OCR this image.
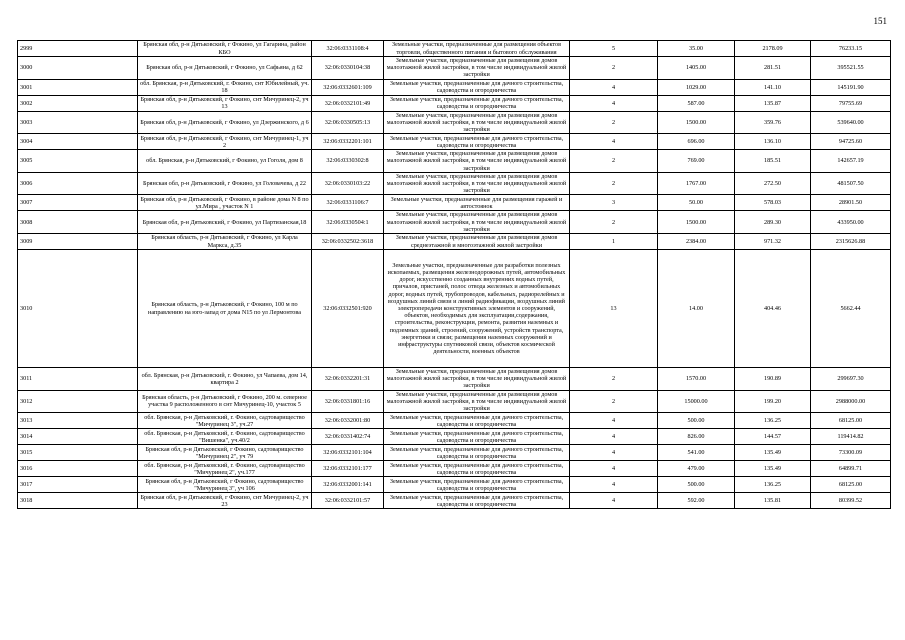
151
2999	Брянская обл, р-н Дятьковский, г Фокино, ул Гагарина, район КБО	32:06:0331108:4	Земельные участки, предназначенные для размещения объектов торговли, общественного питания и бытового обслуживания	5	35.00	2178.09	76233.15
3000	Брянская обл, р-н Дятьковский, г Фокино, ул Сафьяна, д 62	32:06:0330104:38	Земельные участки, предназначенные для размещения домов малоэтажной жилой застройки, в том числе индивидуальной жилой застройки	2	1405.00	281.51	395521.55
3001	обл. Брянская, р-н Дятьковский, г. Фокино, снт Юбилейный, уч. 18	32:06:0332601:109	Земельные участки, предназначенные для дачного строительства, садоводства и огородничества	4	1029.00	141.10	145191.90
3002	Брянская обл, р-н Дятьковский, г Фокино, снт Мичуринец-2, уч 13	32:06:0332101:49	Земельные участки, предназначенные для дачного строительства, садоводства и огородничества	4	587.00	135.87	79755.69
3003	Брянская обл, р-н Дятьковский, г Фокино, ул Дзержинского, д 6	32:06:0330505:13	Земельные участки, предназначенные для размещения домов малоэтажной жилой застройки, в том числе индивидуальной жилой застройки	2	1500.00	359.76	539640.00
3004	Брянская обл, р-н Дятьковский, г Фокино, снт Мичуринец-1, уч 2	32:06:0332201:101	Земельные участки, предназначенные для дачного строительства, садоводства и огородничества	4	696.00	136.10	94725.60
3005	обл. Брянская, р-н Дятьковский, г Фокино, ул Гоголя, дом 8	32:06:0330302:8	Земельные участки, предназначенные для размещения домов малоэтажной жилой застройки, в том числе индивидуальной жилой застройки	2	769.00	185.51	142657.19
3006	Брянская обл, р-н Дятьковский, г Фокино, ул Головачева, д 22	32:06:0330103:22	Земельные участки, предназначенные для размещения домов малоэтажной жилой застройки, в том числе индивидуальной жилой застройки	2	1767.00	272.50	481507.50
3007	Брянская обл, р-н Дятьковский, г Фокино, в районе дома N 8 по ул.Мира , участок N 1	32:06:0331106:7	Земельные участки, предназначенные для размещения гаражей и автостоянок	3	50.00	578.03	28901.50
3008	Брянская обл, р-н Дятьковский, г Фокино, ул Партизанская,18	32:06:0330504:1	Земельные участки, предназначенные для размещения домов малоэтажной жилой застройки, в том числе индивидуальной жилой застройки	2	1500.00	289.30	433950.00
3009	Брянская область, р-н Дятьковский, г Фокино, ул Карла Маркса, д.35	32:06:0332502:3618	Земельные участки, предназначенные для размещения домов среднеэтажной и многоэтажной жилой застройки	1	2384.00	971.32	2315626.88
3010	Брянская область, р-н Дятьковский, г Фокино, 100 м по направлению на юго-запад от дома N15 по ул Лермонтова	32:06:0332501:920	Земельные участки, предназначенные для разработки полезных ископаемых, размещения железнодорожных путей, автомобильных дорог, искусственно созданных внутренних водных путей, причалов, пристаней, полос отвода железных и автомобильных дорог, водных путей, трубопроводов, кабельных, радиорелейных и воздушных линий связи и линий радиофикации, воздушных линий электропередачи конструктивных элементов и сооружений, объектов, необходимых для эксплуатации,содержания, строительства, реконструкции, ремонта, развития наземных и подземных зданий, строений, сооружений, устройств транспорта, энергетики и связи; размещения наземных сооружений и инфраструктуры спутниковой связи, объектов космической деятельности, военных объектов	13	14.00	404.46	5662.44
3011	обл. Брянская, р-н Дятьковский, г. Фокино, ул Чапаева, дом 14, квартира 2	32:06:0332201:31	Земельные участки, предназначенные для размещения домов малоэтажной жилой застройки, в том числе индивидуальной жилой застройки	2	1570.00	190.89	299697.30
3012	Брянская область, р-н Дятьковский, г Фокино, 200 м. северное участка 9 расположенного в снт Мичуринец-10, участок 5	32:06:0331801:16	Земельные участки, предназначенные для размещения домов малоэтажной жилой застройки, в том числе индивидуальной жилой застройки	2	15000.00	199.20	2988000.00
3013	обл. Брянская, р-н Дятьковский, г. Фокино, садтоварищество "Мичуринец 3", уч.27	32:06:0332001:80	Земельные участки, предназначенные для дачного строительства, садоводства и огородничества	4	500.00	136.25	68125.00
3014	обл. Брянская, р-н Дятьковский, г. Фокино, садтоварищество "Вишенка", уч.40/2	32:06:0331402:74	Земельные участки, предназначенные для дачного строительства, садоводства и огородничества	4	826.00	144.57	119414.82
3015	Брянская обл, р-н Дятьковский, г Фокино, садтоварищество "Мичуринец 2", уч 79	32:06:0332101:104	Земельные участки, предназначенные для дачного строительства, садоводства и огородничества	4	541.00	135.49	73300.09
3016	обл. Брянская, р-н Дятьковский, г. Фокино, садтоварищество "Мичуринец 2", уч.177	32:06:0332101:177	Земельные участки, предназначенные для дачного строительства, садоводства и огородничества	4	479.00	135.49	64899.71
3017	Брянская обл, р-н Дятьковский, г Фокино, садтоварищество "Мичуринец 3", уч 106	32:06:0332001:141	Земельные участки, предназначенные для дачного строительства, садоводства и огородничества	4	500.00	136.25	68125.00
3018	Брянская обл, р-н Дятьковский, г Фокино, снт Мичуринец-2, уч 23	32:06:0332101:57	Земельные участки, предназначенные для дачного строительства, садоводства и огородничества	4	592.00	135.81	80399.52
